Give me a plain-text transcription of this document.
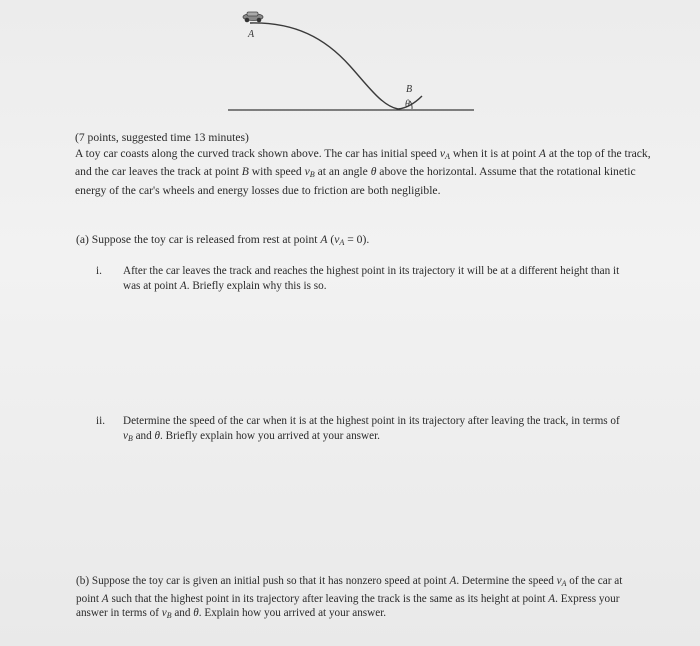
A
B
θ
(7 points, suggested time 13 minutes)
A toy car coasts along the curved track shown above. The car has initial speed $v_A$ when it is at point A at the top of the track, and the car leaves the track at point B with speed $v_B$ at an angle θ above the horizontal. Assume that the rotational kinetic energy of the car's wheels and energy losses due to friction are both negligible.
(a) Suppose the toy car is released from rest at point A $(v_A = 0)$.
i. After the car leaves the track and reaches the highest point in its trajectory it will be at a different height than it was at point A. Briefly explain why this is so.
ii. Determine the speed of the car when it is at the highest point in its trajectory after leaving the track, in terms of $v_B$ and θ. Briefly explain how you arrived at your answer.
(b) Suppose the toy car is given an initial push so that it has nonzero speed at point A. Determine the speed $v_A$ of the car at point A such that the highest point in its trajectory after leaving the track is the same as its height at point A. Express your answer in terms of $v_B$ and θ. Explain how you arrived at your answer.
